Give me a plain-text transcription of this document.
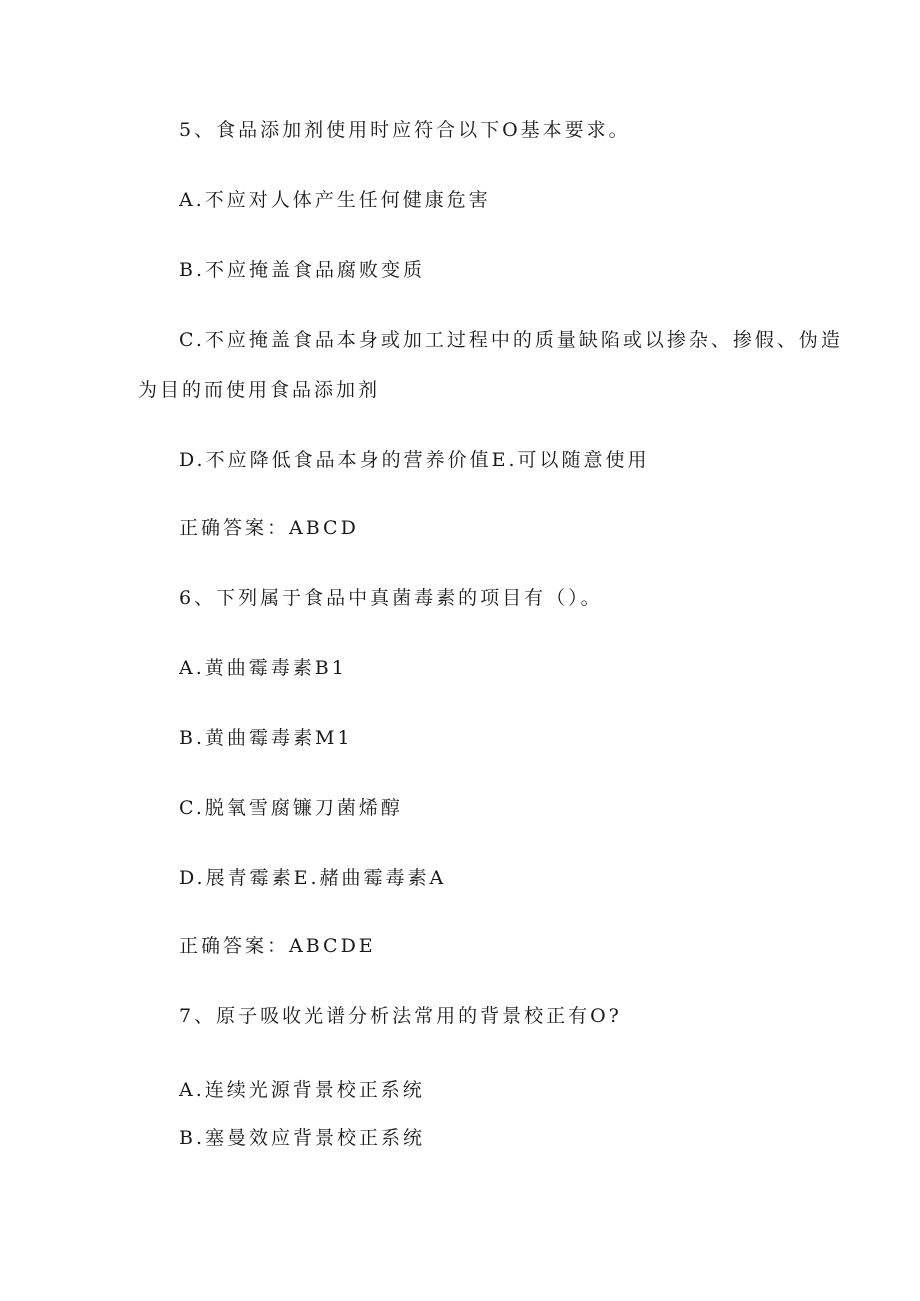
5、食品添加剂使用时应符合以下O基本要求。
A.不应对人体产生任何健康危害
B.不应掩盖食品腐败变质
C.不应掩盖食品本身或加工过程中的质量缺陷或以掺杂、掺假、伪造
为目的而使用食品添加剂
D.不应降低食品本身的营养价值E.可以随意使用
正确答案：ABCD
6、下列属于食品中真菌毒素的项目有（）。
A.黄曲霉毒素B1
B.黄曲霉毒素M1
C.脱氧雪腐镰刀菌烯醇
D.展青霉素E.赭曲霉毒素A
正确答案：ABCDE
7、原子吸收光谱分析法常用的背景校正有O?
A.连续光源背景校正系统
B.塞曼效应背景校正系统
